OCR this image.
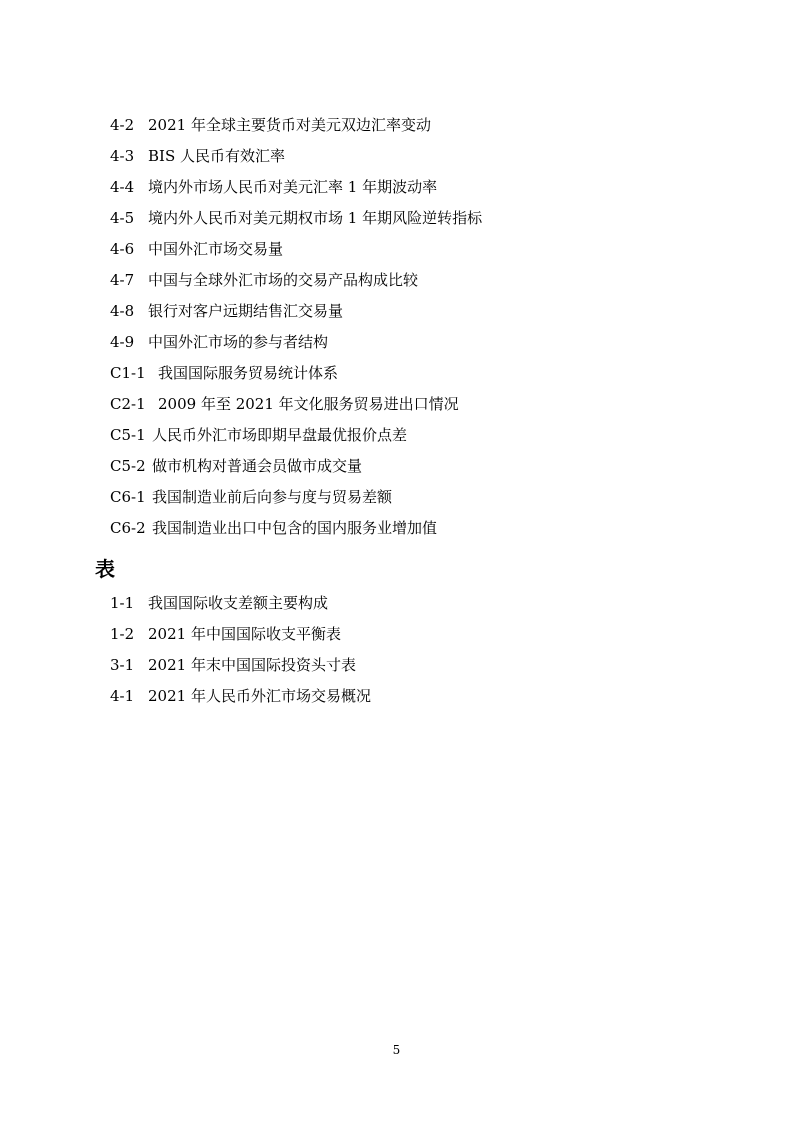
4-2 2021 年全球主要货币对美元双边汇率变动
4-3 BIS 人民币有效汇率
4-4 境内外市场人民币对美元汇率 1 年期波动率
4-5 境内外人民币对美元期权市场 1 年期风险逆转指标
4-6 中国外汇市场交易量
4-7 中国与全球外汇市场的交易产品构成比较
4-8 银行对客户远期结售汇交易量
4-9 中国外汇市场的参与者结构
C1-1 我国国际服务贸易统计体系
C2-1 2009 年至 2021 年文化服务贸易进出口情况
C5-1 人民币外汇市场即期早盘最优报价点差
C5-2 做市机构对普通会员做市成交量
C6-1 我国制造业前后向参与度与贸易差额
C6-2 我国制造业出口中包含的国内服务业增加值
表
1-1 我国国际收支差额主要构成
1-2 2021 年中国国际收支平衡表
3-1 2021 年末中国国际投资头寸表
4-1 2021 年人民币外汇市场交易概况
5
